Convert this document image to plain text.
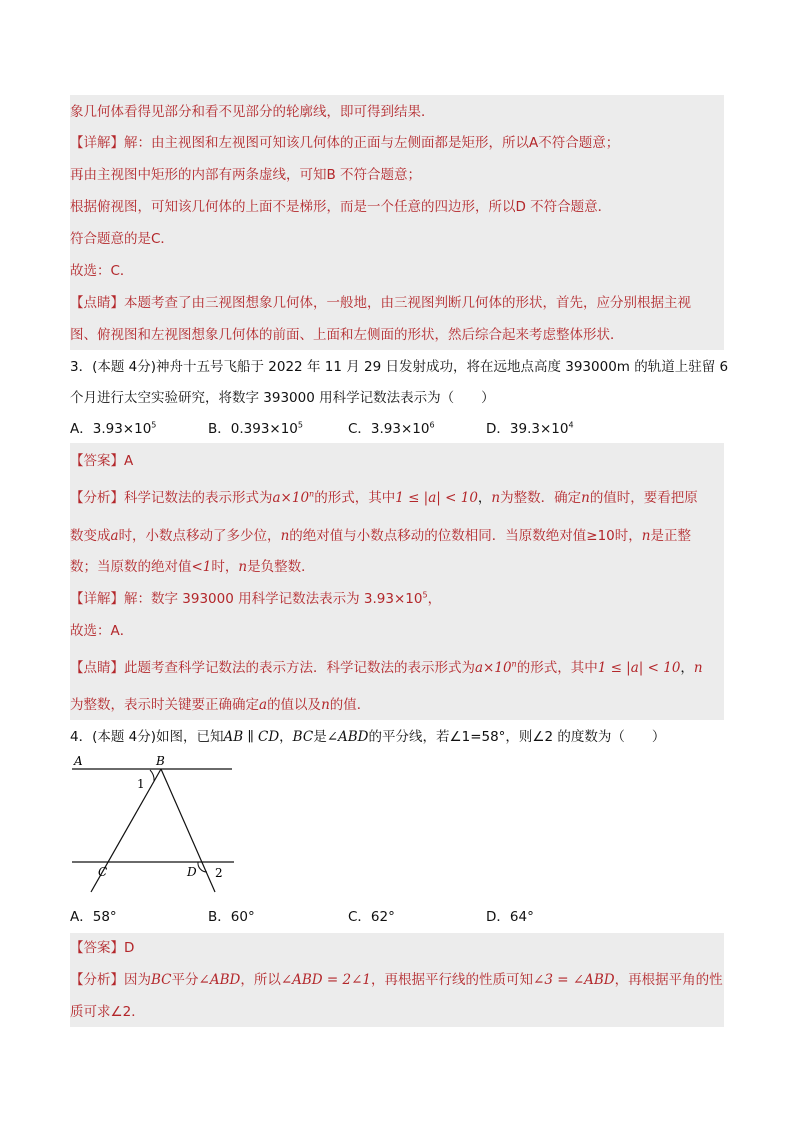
象几何体看得见部分和看不见部分的轮廓线，即可得到结果．
【详解】解：由主视图和左视图可知该几何体的正面与左侧面都是矩形，所以A不符合题意；
再由主视图中矩形的内部有两条虚线，可知B 不符合题意；
根据俯视图，可知该几何体的上面不是梯形，而是一个任意的四边形，所以D 不符合题意．
符合题意的是C．
故选：C．
【点睛】本题考查了由三视图想象几何体，一般地，由三视图判断几何体的形状，首先，应分别根据主视
图、俯视图和左视图想象几何体的前面、上面和左侧面的形状，然后综合起来考虑整体形状．
3．(本题 4分)神舟十五号飞船于 2022 年 11 月 29 日发射成功，将在远地点高度 393000m 的轨道上驻留 6
个月进行太空实验研究，将数字 393000 用科学记数法表示为（　　）
A．$3.93\times 10^5$	B．$0.393\times 10^5$	C．$3.93\times 10^6$	D．$39.3\times 10^4$
【答案】A
【分析】科学记数法的表示形式为$a\times 10^n$的形式，其中1 ≤ |a| < 10，n为整数．确定n的值时，要看把原
数变成a时，小数点移动了多少位，n的绝对值与小数点移动的位数相同．当原数绝对值≥10时，n是正整
数；当原数的绝对值<1时，n是负整数．
【详解】解：数字 393000 用科学记数法表示为 $3.93\times 10^5$，
故选：A．
【点睛】此题考查科学记数法的表示方法．科学记数法的表示形式为$a\times 10^n$的形式，其中1 ≤ |a| < 10，n
为整数，表示时关键要正确确定a的值以及n的值．
4．(本题 4分)如图，已知AB ∥ CD，BC是∠ABD的平分线，若∠1=58°，则∠2 的度数为（　　）
A	B
1
C	D 2
A．58°	B．60°	C．62°	D．64°
【答案】D
【分析】因为BC平分∠ABD，所以∠ABD = 2∠1，再根据平行线的性质可知∠3 = ∠ABD，再根据平角的性
质可求∠2．
